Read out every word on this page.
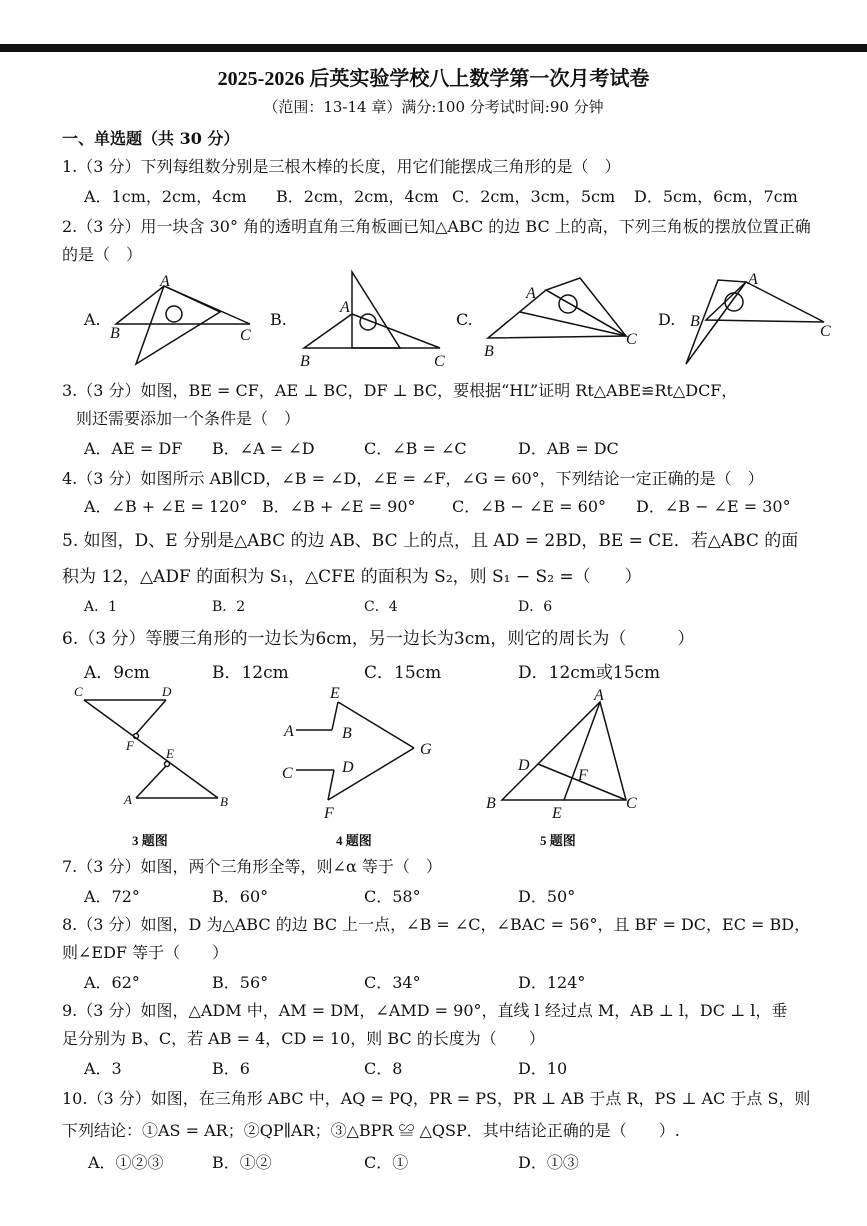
2025-2026 后英实验学校八上数学第一次月考试卷
（范围：13-14 章）满分:100 分考试时间:90 分钟
一、单选题（共 30 分）
1.（3 分）下列每组数分别是三根木棒的长度，用它们能摆成三角形的是（　）
A．1cm，2cm，4cm B．2cm，2cm，4cm C．2cm，3cm，5cm D．5cm，6cm，7cm
2.（3 分）用一块含 30° 角的透明直角三角板画已知△ABC 的边 BC 上的高，下列三角板的摆放位置正确
的是（　）
A.	B.	C.	D.
A
B	C
A
B	C
A
B
C
A
B
C
3.（3 分）如图，BE = CF，AE ⊥ BC，DF ⊥ BC，要根据“HL”证明 Rt△ABE≌Rt△DCF，
则还需要添加一个条件是（　）
A．AE = DF B．∠A = ∠D	C．∠B = ∠C	D．AB = DC
4.（3 分）如图所示 AB∥CD，∠B = ∠D，∠E = ∠F，∠G = 60°，下列结论一定正确的是（　）
A．∠B + ∠E = 120° B．∠B + ∠E = 90° C．∠B − ∠E = 60° D．∠B − ∠E = 30°
5. 如图，D、E 分别是△ABC 的边 AB、BC 上的点，且 AD = 2BD，BE = CE．若△ABC 的面
积为 12，△ADF 的面积为 S₁，△CFE 的面积为 S₂，则 S₁ − S₂ =（　　）
A．1	B．2	C．4	D．6
6.（3 分）等腰三角形的一边长为6cm，另一边长为3cm，则它的周长为（　　　）
A．9cm	B．12cm	C．15cm	D．12cm或15cm
C	D
F
E
A	B
3 题图
E
A	B
G
C	D
F
4 题图
A
D
F
B
E
C
5 题图
7.（3 分）如图，两个三角形全等，则∠α 等于（　）
A．72°	B．60°	C．58°	D．50°
8.（3 分）如图，D 为△ABC 的边 BC 上一点，∠B = ∠C，∠BAC = 56°，且 BF = DC，EC = BD，
则∠EDF 等于（　　）
A．62°	B．56°	C．34°	D．124°
9.（3 分）如图，△ADM 中，AM = DM，∠AMD = 90°，直线 l 经过点 M，AB ⊥ l，DC ⊥ l，垂
足分别为 B、C，若 AB = 4，CD = 10，则 BC 的长度为（　　）
A．3	B．6	C．8	D．10
10.（3 分）如图，在三角形 ABC 中，AQ = PQ，PR = PS，PR ⊥ AB 于点 R，PS ⊥ AC 于点 S，则
下列结论：①AS = AR；②QP∥AR；③△BPR ≌ △QSP．其中结论正确的是（　　）.
A．①②③	B．①②	C．①	D．①③
